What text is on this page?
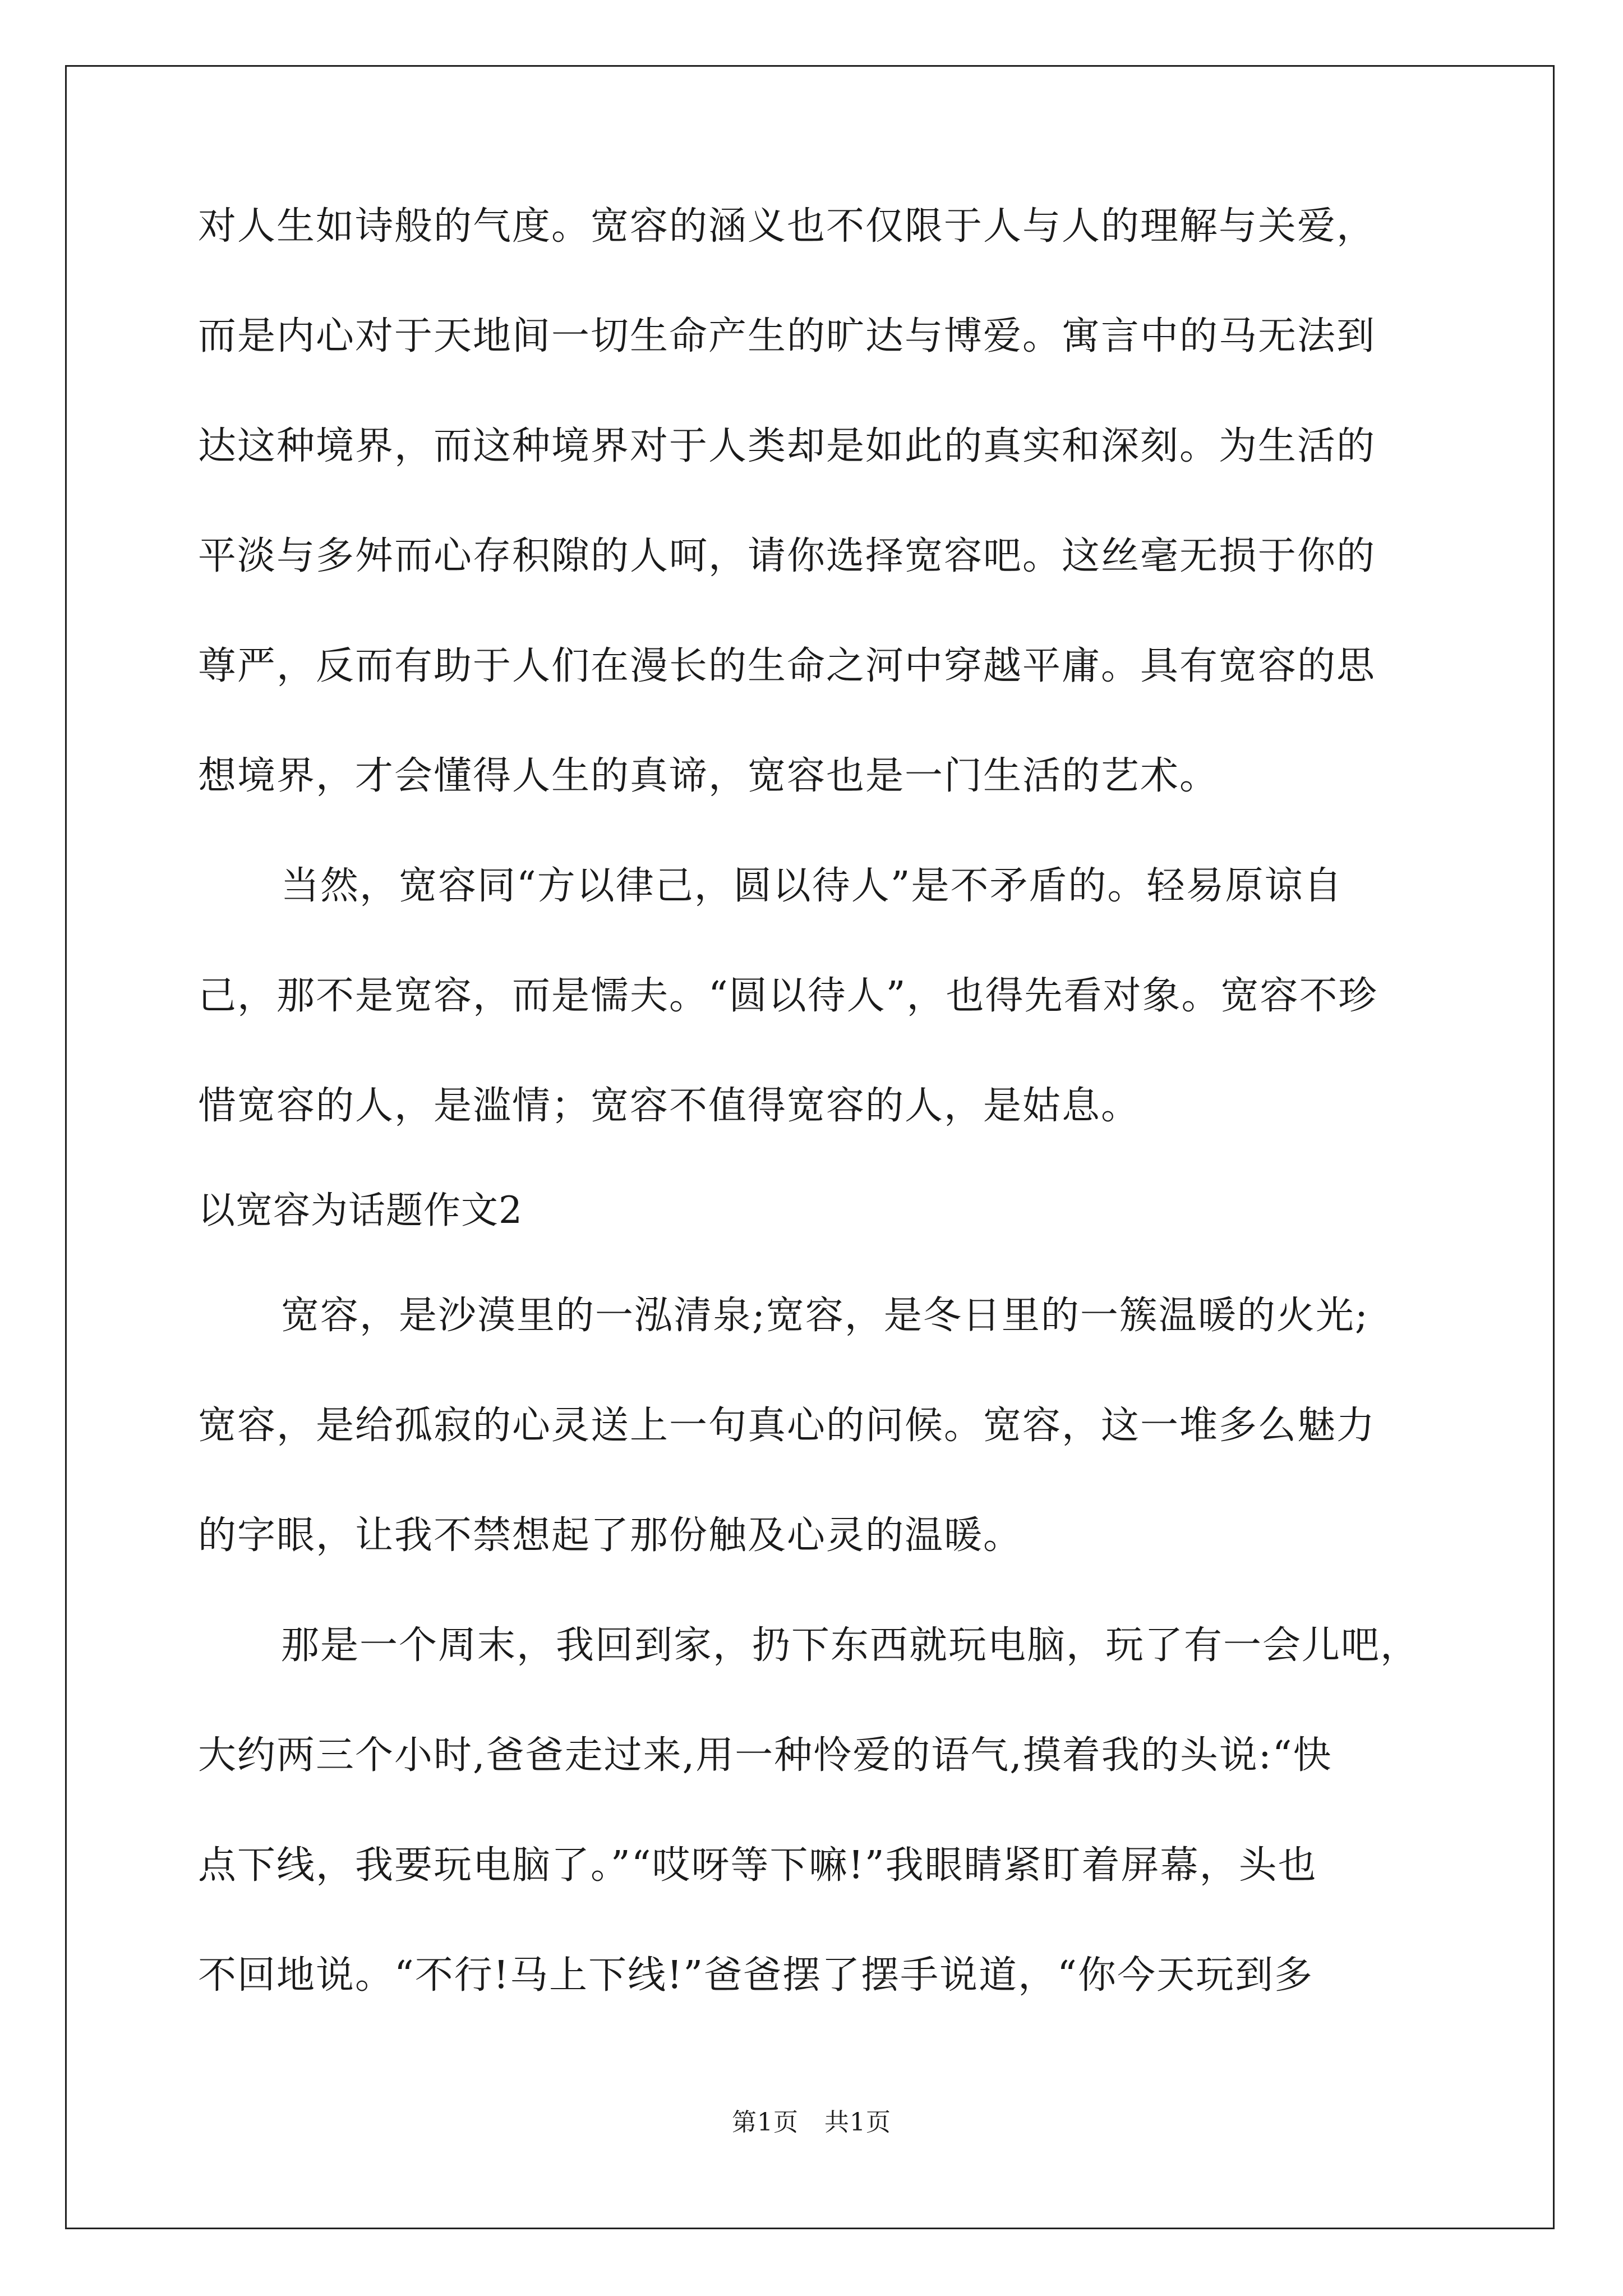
对人生如诗般的气度。宽容的涵义也不仅限于人与人的理解与关爱，
而是内心对于天地间一切生命产生的旷达与博爱。寓言中的马无法到
达这种境界，而这种境界对于人类却是如此的真实和深刻。为生活的
平淡与多舛而心存积隙的人呵，请你选择宽容吧。这丝毫无损于你的
尊严，反而有助于人们在漫长的生命之河中穿越平庸。具有宽容的思
想境界，才会懂得人生的真谛，宽容也是一门生活的艺术。
当然，宽容同“方以律己，圆以待人”是不矛盾的。轻易原谅自
己，那不是宽容，而是懦夫。“圆以待人”，也得先看对象。宽容不珍
惜宽容的人，是滥情；宽容不值得宽容的人，是姑息。
以宽容为话题作文2
宽容，是沙漠里的一泓清泉;宽容，是冬日里的一簇温暖的火光;
宽容，是给孤寂的心灵送上一句真心的问候。宽容，这一堆多么魅力
的字眼，让我不禁想起了那份触及心灵的温暖。
那是一个周末，我回到家，扔下东西就玩电脑，玩了有一会儿吧，
大约两三个小时,爸爸走过来,用一种怜爱的语气,摸着我的头说:“快
点下线，我要玩电脑了。”“哎呀等下嘛!”我眼睛紧盯着屏幕，头也
不回地说。“不行!马上下线!”爸爸摆了摆手说道，“你今天玩到多
第1页 共1页
